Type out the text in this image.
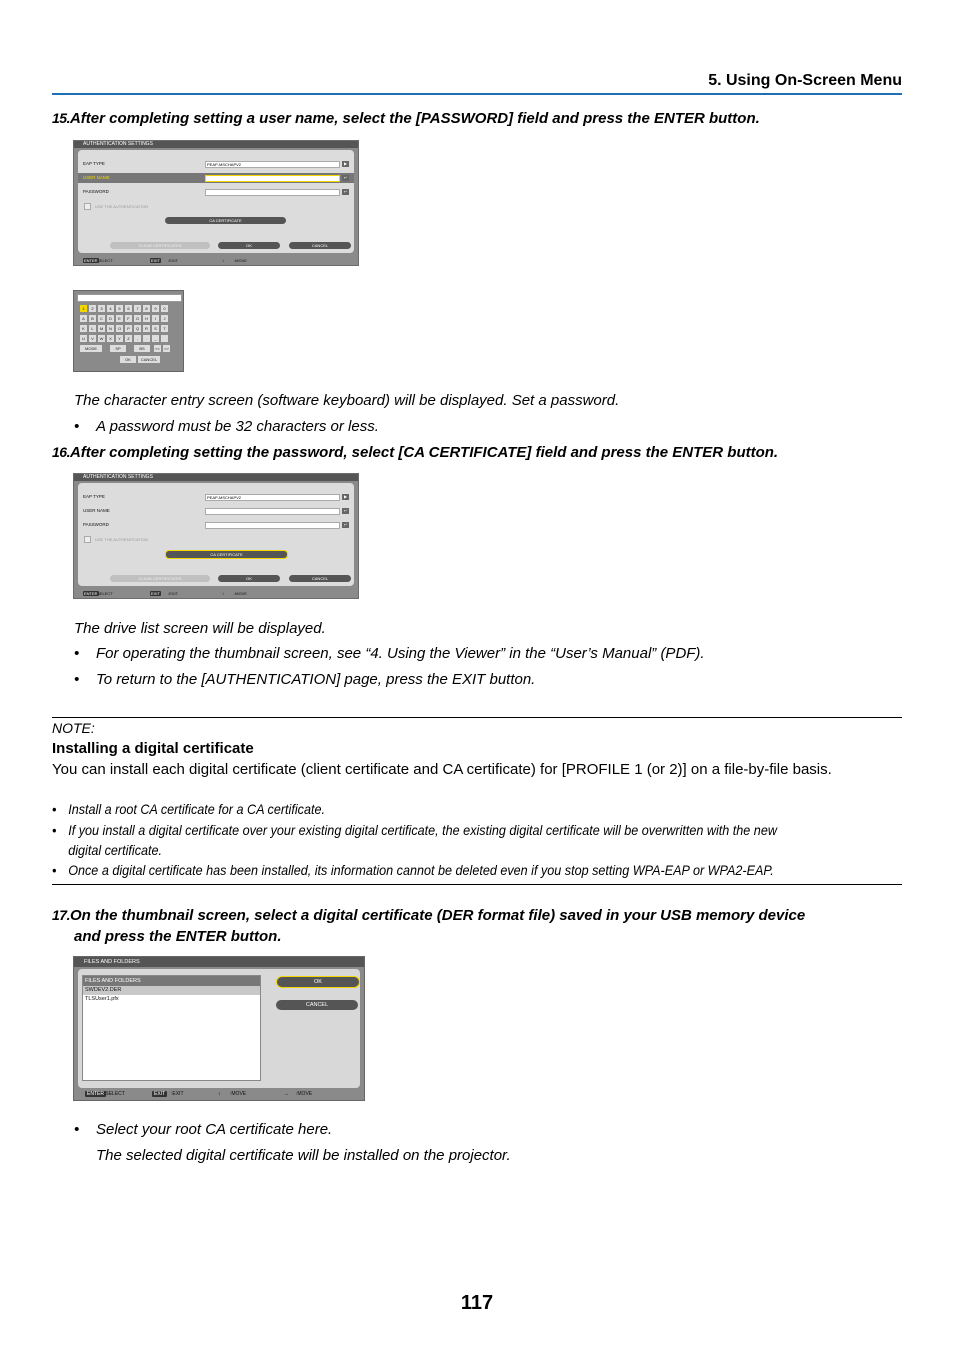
5. Using On-Screen Menu
15.After completing setting a user name, select the [PASSWORD] field and press the ENTER button.
AUTHENTICATION SETTINGS
EAP TYPE	PEAP-MSCHAPV2	▶
USER NAME	↵
PASSWORD	↵
USE THE AUTHENTICATION
CA CERTIFICATE
CLEAR CERTIFICATES	OK	CANCEL
ENTER
:SELECT	EXIT :EXIT	↕	:MOVE
1	2	3	4	5	6	7	8	9	0
A	B	C	D	E	F	G	H	I	J
K	L	M	N	O	P	Q	R	S	T
U	V	W	X	Y	Z	-	.	_
MODE	SP	BS	<< >>
OK	CANCEL
The character entry screen (software keyboard) will be displayed. Set a password.
• A password must be 32 characters or less.
16.After completing setting the password, select [CA CERTIFICATE] field and press the ENTER button.
AUTHENTICATION SETTINGS
EAP TYPE	PEAP-MSCHAPV2	▶
USER NAME	↵
PASSWORD	↵
USE THE AUTHENTICATION
CA CERTIFICATE
CLEAR CERTIFICATES	OK	CANCEL
ENTER
:SELECT	EXIT :EXIT	↕	:MOVE
The drive list screen will be displayed.
• For operating the thumbnail screen, see “4. Using the Viewer” in the “User’s Manual” (PDF).
• To return to the [AUTHENTICATION] page, press the EXIT button.
NOTE:
Installing a digital certificate
You can install each digital certificate (client certificate and CA certificate) for [PROFILE 1 (or 2)] on a file-by-file basis.
• Install a root CA certificate for a CA certificate.
• If you install a digital certificate over your existing digital certificate, the existing digital certificate will be overwritten with the new
digital certificate.
• Once a digital certificate has been installed, its information cannot be deleted even if you stop setting WPA-EAP or WPA2-EAP.
17.On the thumbnail screen, select a digital certificate (DER format file) saved in your USB memory device
and press the ENTER button.
FILES AND FOLDERS
FILES AND FOLDERS
SWDEV2.DER
TLSUser1.pfx
OK
CANCEL
ENTER :SELECT	EXIT	:EXIT	↕ :MOVE	↔ :MOVE
• Select your root CA certificate here.
The selected digital certificate will be installed on the projector.
117
